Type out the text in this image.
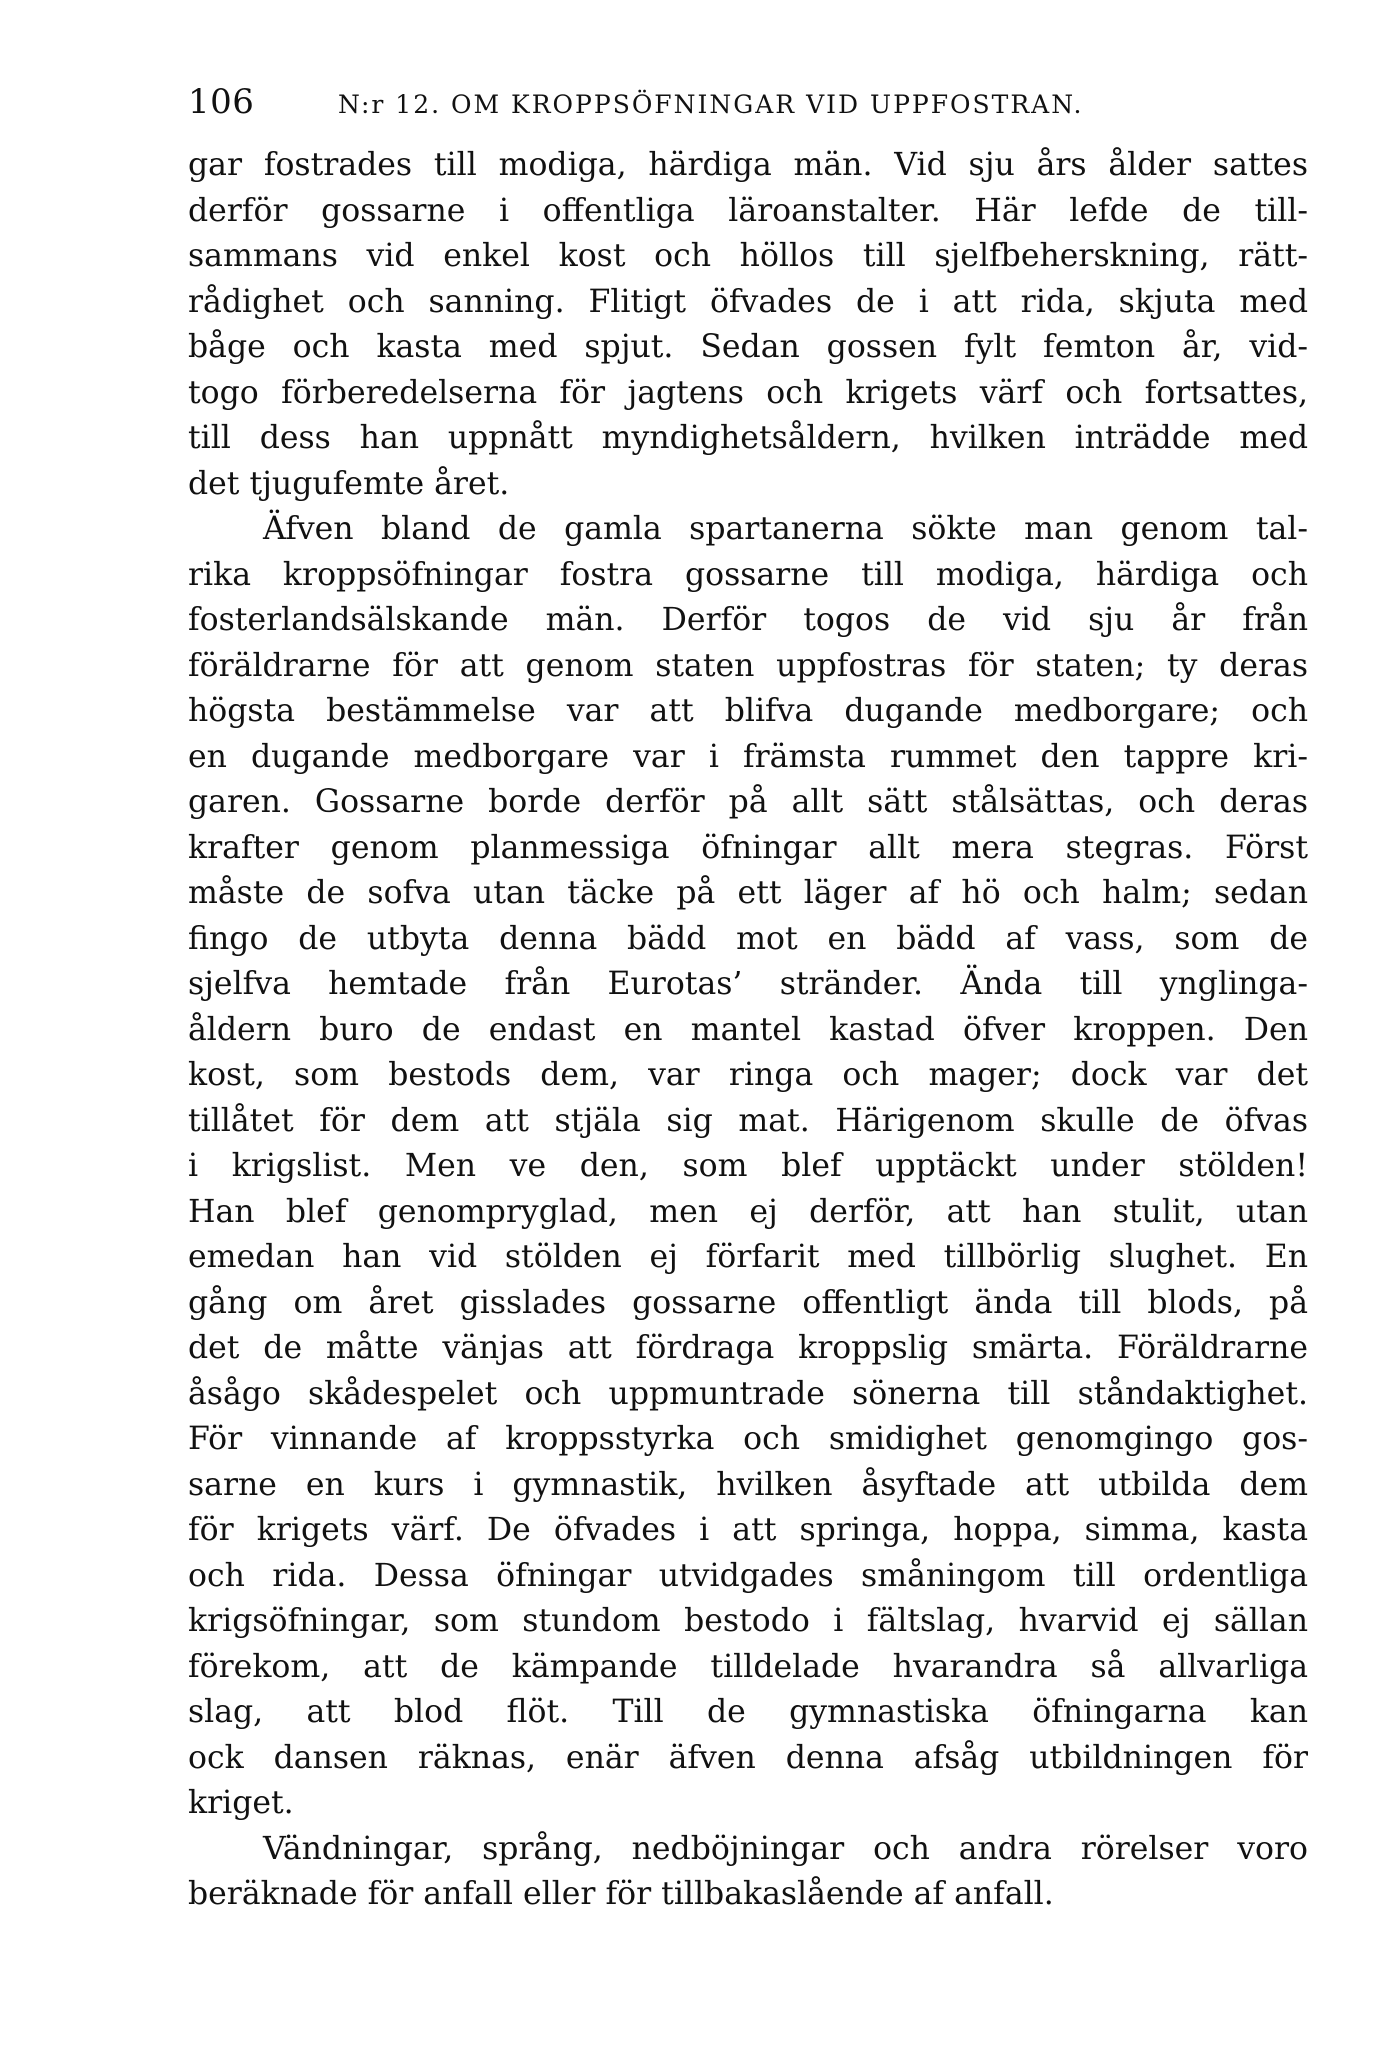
106	N:r 12. OM KROPPSÖFNINGAR VID UPPFOSTRAN.
gar fostrades till modiga, härdiga män. Vid sju års ålder sattes
derför gossarne i offentliga läroanstalter. Här lefde de till-
sammans vid enkel kost och höllos till sjelfbeherskning, rätt-
rådighet och sanning. Flitigt öfvades de i att rida, skjuta med
båge och kasta med spjut. Sedan gossen fylt femton år, vid-
togo förberedelserna för jagtens och krigets värf och fortsattes,
till dess han uppnått myndighetsåldern, hvilken inträdde med
det tjugufemte året.
Äfven bland de gamla spartanerna sökte man genom tal-
rika kroppsöfningar fostra gossarne till modiga, härdiga och
fosterlandsälskande män. Derför togos de vid sju år från
föräldrarne för att genom staten uppfostras för staten; ty deras
högsta bestämmelse var att blifva dugande medborgare; och
en dugande medborgare var i främsta rummet den tappre kri-
garen. Gossarne borde derför på allt sätt stålsättas, och deras
krafter genom planmessiga öfningar allt mera stegras. Först
måste de sofva utan täcke på ett läger af hö och halm; sedan
fingo de utbyta denna bädd mot en bädd af vass, som de
sjelfva hemtade från Eurotas’ stränder. Ända till ynglinga-
åldern buro de endast en mantel kastad öfver kroppen. Den
kost, som bestods dem, var ringa och mager; dock var det
tillåtet för dem att stjäla sig mat. Härigenom skulle de öfvas
i krigslist. Men ve den, som blef upptäckt under stölden!
Han blef genompryglad, men ej derför, att han stulit, utan
emedan han vid stölden ej förfarit med tillbörlig slughet. En
gång om året gisslades gossarne offentligt ända till blods, på
det de måtte vänjas att fördraga kroppslig smärta. Föräldrarne
åsågo skådespelet och uppmuntrade sönerna till ståndaktighet.
För vinnande af kroppsstyrka och smidighet genomgingo gos-
sarne en kurs i gymnastik, hvilken åsyftade att utbilda dem
för krigets värf. De öfvades i att springa, hoppa, simma, kasta
och rida. Dessa öfningar utvidgades småningom till ordentliga
krigsöfningar, som stundom bestodo i fältslag, hvarvid ej sällan
förekom, att de kämpande tilldelade hvarandra så allvarliga
slag, att blod flöt. Till de gymnastiska öfningarna kan
ock dansen räknas, enär äfven denna afsåg utbildningen för
kriget.
Vändningar, språng, nedböjningar och andra rörelser voro
beräknade för anfall eller för tillbakaslående af anfall.
